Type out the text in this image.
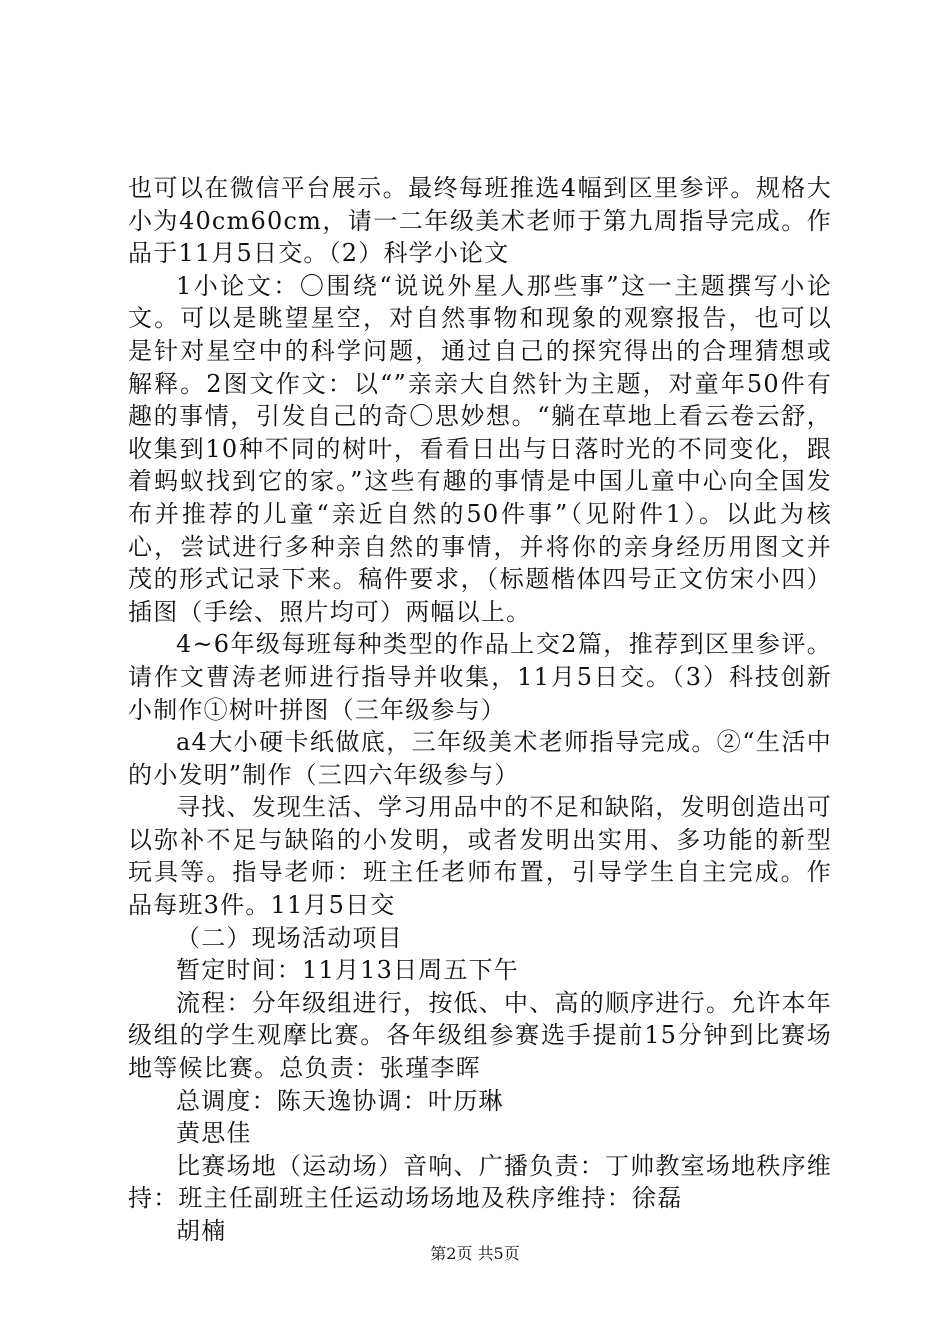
也可以在微信平台展示。最终每班推选4幅到区里参评。规格大小为40cm60cm，请一二年级美术老师于第九周指导完成。作品于11月5日交。（2）科学小论文

1小论文：〇围绕“说说外星人那些事”这一主题撰写小论文。可以是眺望星空，对自然事物和现象的观察报告，也可以是针对星空中的科学问题，通过自己的探究得出的合理猜想或解释。2图文作文：以“”亲亲大自然针为主题，对童年50件有趣的事情，引发自己的奇〇思妙想。“躺在草地上看云卷云舒，收集到10种不同的树叶，看看日出与日落时光的不同变化，跟着蚂蚁找到它的家。”这些有趣的事情是中国儿童中心向全国发布并推荐的儿童“亲近自然的50件事”（见附件1）。以此为核心，尝试进行多种亲自然的事情，并将你的亲身经历用图文并茂的形式记录下来。稿件要求，（标题楷体四号正文仿宋小四）插图（手绘、照片均可）两幅以上。

4~6年级每班每种类型的作品上交2篇，推荐到区里参评。请作文曹涛老师进行指导并收集，11月5日交。（3）科技创新小制作①树叶拼图（三年级参与）

a4大小硬卡纸做底，三年级美术老师指导完成。②“生活中的小发明”制作（三四六年级参与）

寻找、发现生活、学习用品中的不足和缺陷，发明创造出可以弥补不足与缺陷的小发明，或者发明出实用、多功能的新型玩具等。指导老师：班主任老师布置，引导学生自主完成。作品每班3件。11月5日交

（二）现场活动项目

暂定时间：11月13日周五下午

流程：分年级组进行，按低、中、高的顺序进行。允许本年级组的学生观摩比赛。各年级组参赛选手提前15分钟到比赛场地等候比赛。总负责：张瑾李晖

总调度：陈天逸协调：叶历琳

黄思佳

比赛场地（运动场）音响、广播负责：丁帅教室场地秩序维持：班主任副班主任运动场场地及秩序维持：徐磊

胡楠

第2页 共5页
